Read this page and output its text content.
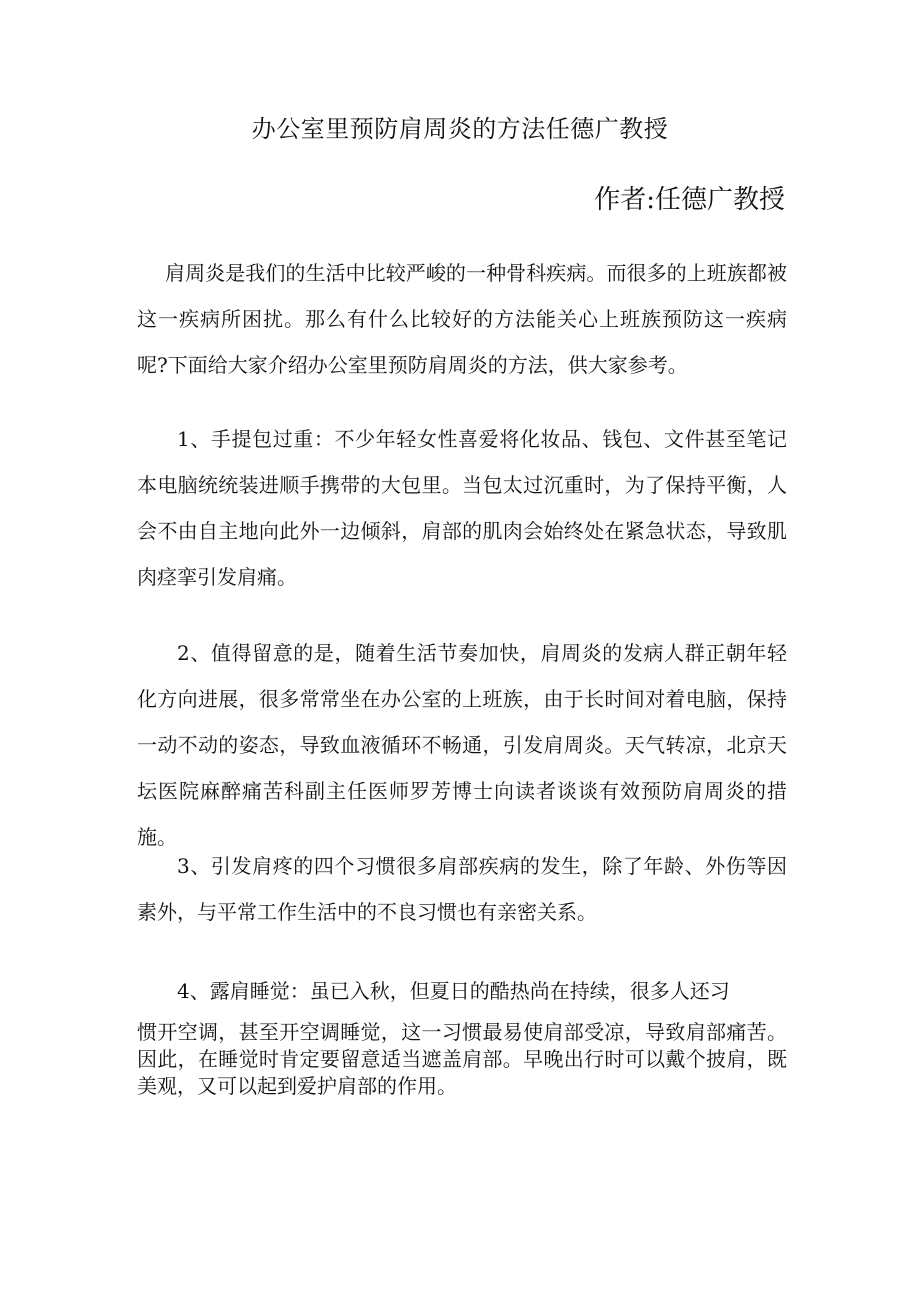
办公室里预防肩周炎的方法任德广教授
作者:任德广教授

肩周炎是我们的生活中比较严峻的一种骨科疾病。而很多的上班族都被这一疾病所困扰。那么有什么比较好的方法能关心上班族预防这一疾病呢?下面给大家介绍办公室里预防肩周炎的方法，供大家参考。

1、手提包过重：不少年轻女性喜爱将化妆品、钱包、文件甚至笔记本电脑统统装进顺手携带的大包里。当包太过沉重时，为了保持平衡，人会不由自主地向此外一边倾斜，肩部的肌肉会始终处在紧急状态，导致肌肉痉挛引发肩痛。

2、值得留意的是，随着生活节奏加快，肩周炎的发病人群正朝年轻化方向进展，很多常常坐在办公室的上班族，由于长时间对着电脑，保持一动不动的姿态，导致血液循环不畅通，引发肩周炎。天气转凉，北京天坛医院麻醉痛苦科副主任医师罗芳博士向读者谈谈有效预防肩周炎的措施。

3、引发肩疼的四个习惯很多肩部疾病的发生，除了年龄、外伤等因素外，与平常工作生活中的不良习惯也有亲密关系。

4、露肩睡觉：虽已入秋，但夏日的酷热尚在持续，很多人还习

惯开空调，甚至开空调睡觉，这一习惯最易使肩部受凉，导致肩部痛苦。因此，在睡觉时肯定要留意适当遮盖肩部。早晚出行时可以戴个披肩，既美观，又可以起到爱护肩部的作用。
